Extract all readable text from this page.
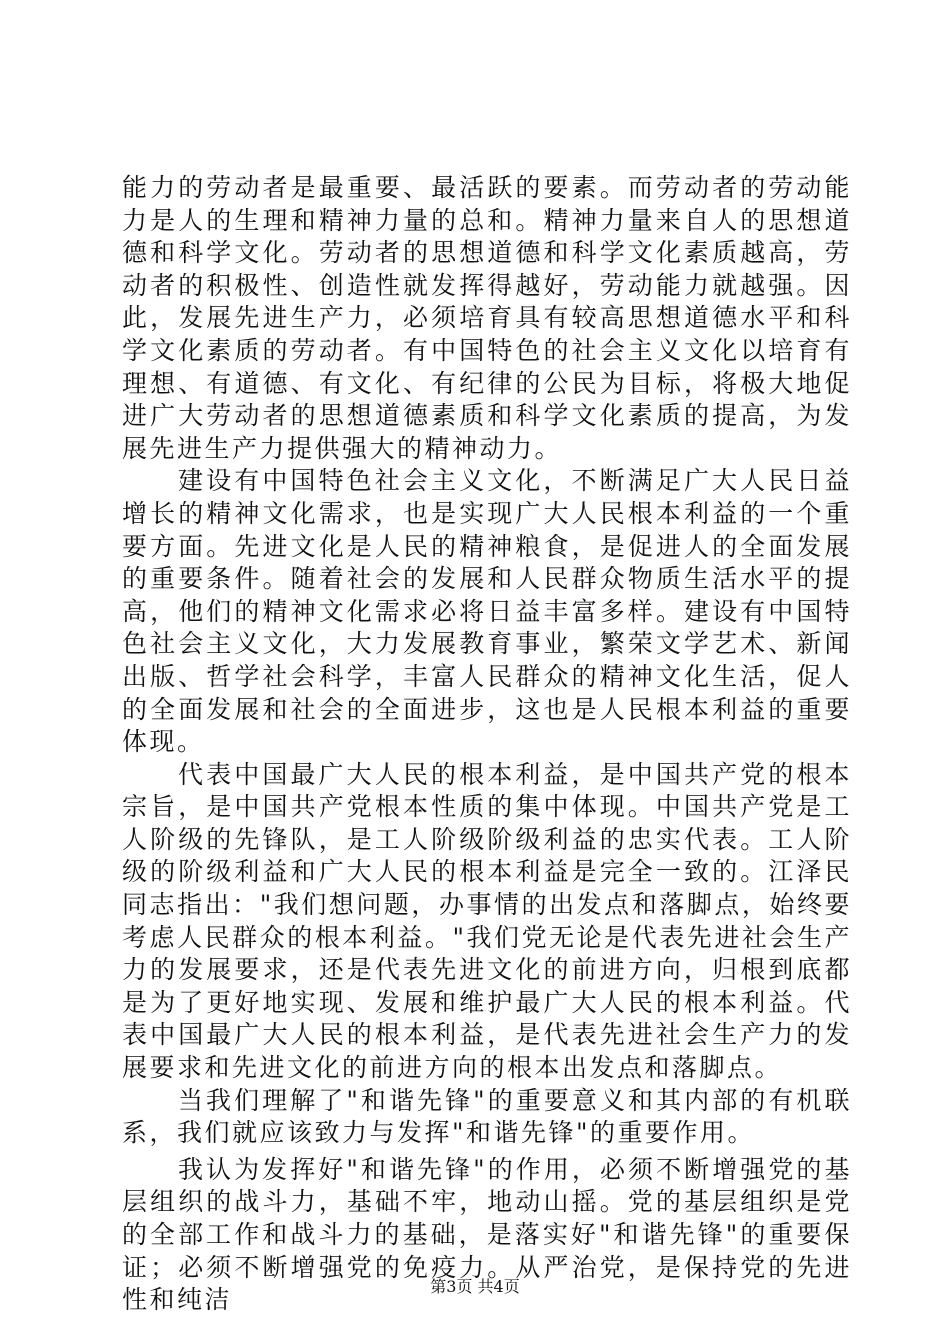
能力的劳动者是最重要、最活跃的要素。而劳动者的劳动能力是人的生理和精神力量的总和。精神力量来自人的思想道德和科学文化。劳动者的思想道德和科学文化素质越高，劳动者的积极性、创造性就发挥得越好，劳动能力就越强。因此，发展先进生产力，必须培育具有较高思想道德水平和科学文化素质的劳动者。有中国特色的社会主义文化以培育有理想、有道德、有文化、有纪律的公民为目标，将极大地促进广大劳动者的思想道德素质和科学文化素质的提高，为发展先进生产力提供强大的精神动力。

建设有中国特色社会主义文化，不断满足广大人民日益增长的精神文化需求，也是实现广大人民根本利益的一个重要方面。先进文化是人民的精神粮食，是促进人的全面发展的重要条件。随着社会的发展和人民群众物质生活水平的提高，他们的精神文化需求必将日益丰富多样。建设有中国特色社会主义文化，大力发展教育事业，繁荣文学艺术、新闻出版、哲学社会科学，丰富人民群众的精神文化生活，促人的全面发展和社会的全面进步，这也是人民根本利益的重要体现。

代表中国最广大人民的根本利益，是中国共产党的根本宗旨，是中国共产党根本性质的集中体现。中国共产党是工人阶级的先锋队，是工人阶级阶级利益的忠实代表。工人阶级的阶级利益和广大人民的根本利益是完全一致的。江泽民同志指出："我们想问题，办事情的出发点和落脚点，始终要考虑人民群众的根本利益。"我们党无论是代表先进社会生产力的发展要求，还是代表先进文化的前进方向，归根到底都是为了更好地实现、发展和维护最广大人民的根本利益。代表中国最广大人民的根本利益，是代表先进社会生产力的发展要求和先进文化的前进方向的根本出发点和落脚点。

当我们理解了"和谐先锋"的重要意义和其内部的有机联系，我们就应该致力与发挥"和谐先锋"的重要作用。

我认为发挥好"和谐先锋"的作用，必须不断增强党的基层组织的战斗力，基础不牢，地动山摇。党的基层组织是党的全部工作和战斗力的基础，是落实好"和谐先锋"的重要保证；必须不断增强党的免疫力。从严治党，是保持党的先进性和纯洁	第3页 共4页
